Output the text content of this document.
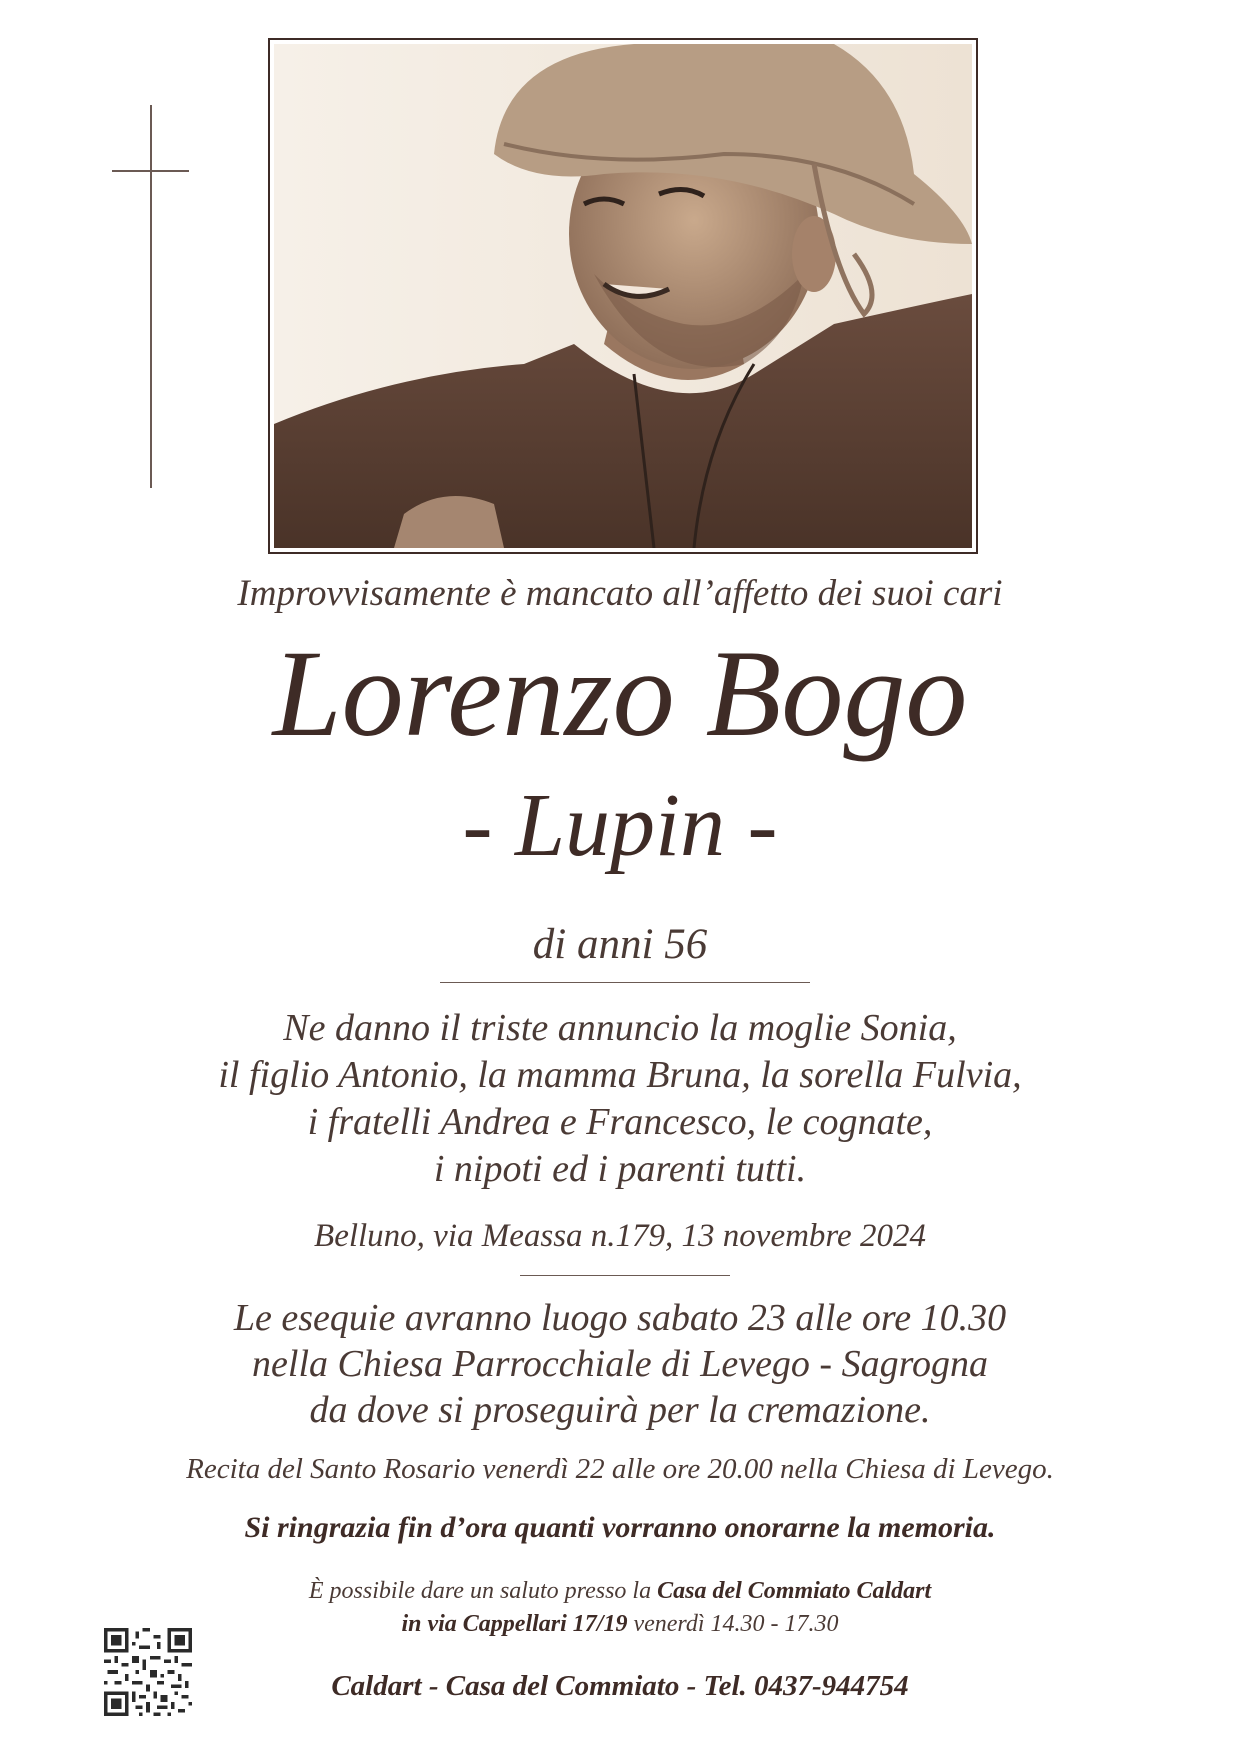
Improvvisamente è mancato all’affetto dei suoi cari

Lorenzo Bogo

- Lupin -

di anni 56

Ne danno il triste annuncio la moglie Sonia,
il figlio Antonio, la mamma Bruna, la sorella Fulvia,
i fratelli Andrea e Francesco, le cognate,
i nipoti ed i parenti tutti.

Belluno, via Meassa n.179, 13 novembre 2024

Le esequie avranno luogo sabato 23 alle ore 10.30
nella Chiesa Parrocchiale di Levego - Sagrogna
da dove si proseguirà per la cremazione.

Recita del Santo Rosario venerdì 22 alle ore 20.00 nella Chiesa di Levego.

Si ringrazia fin d’ora quanti vorranno onorarne la memoria.

È possibile dare un saluto presso la Casa del Commiato Caldart
in via Cappellari 17/19 venerdì 14.30 - 17.30

Caldart - Casa del Commiato - Tel. 0437-944754
